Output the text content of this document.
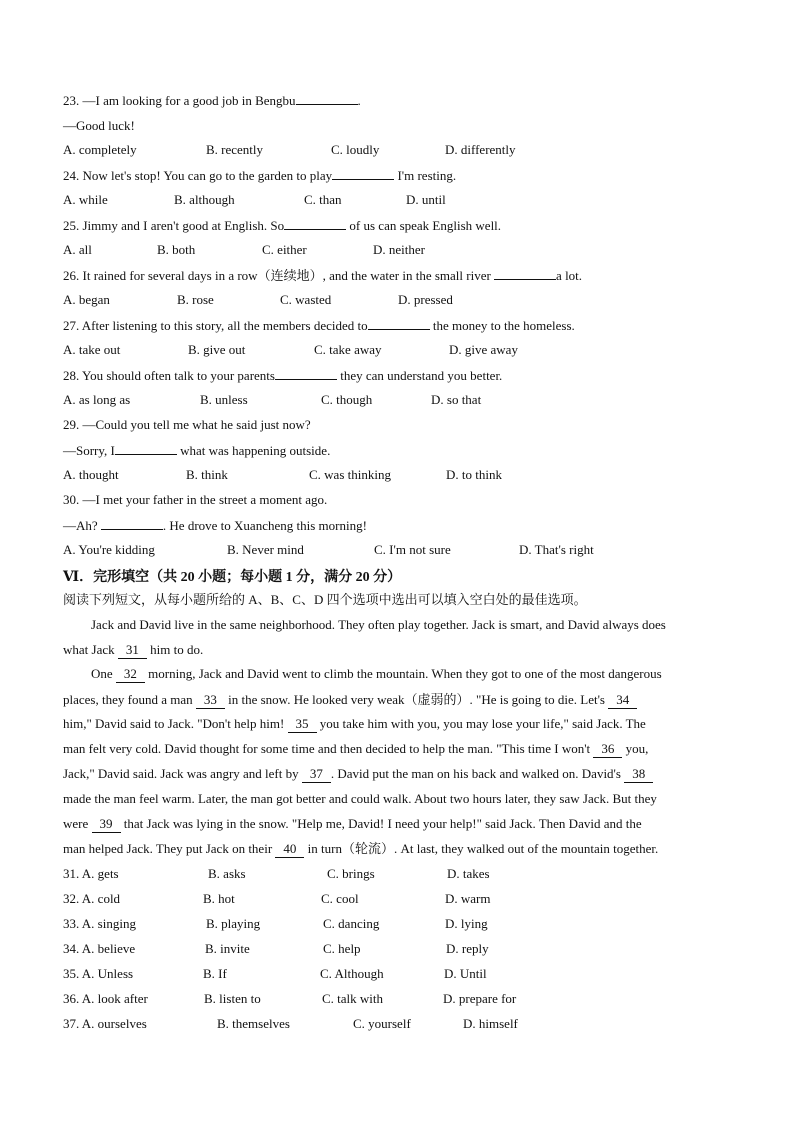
23. —I am looking for a good job in Bengbu	.
—Good luck!
A. completely	B. recently	C. loudly	D. differently
24. Now let's stop! You can go to the garden to play	I'm resting.
A. while	B. although	C. than	D. until
25. Jimmy and I aren't good at English. So	of us can speak English well.
A. all	B. both	C. either	D. neither
26. It rained for several days in a row（连续地）, and the water in the small river	a lot.
A. began	B. rose	C. wasted	D. pressed
27. After listening to this story, all the members decided to	the money to the homeless.
A. take out	B. give out	C. take away	D. give away
28. You should often talk to your parents	they can understand you better.
A. as long as	B. unless	C. though	D. so that
29. —Could you tell me what he said just now?
—Sorry, I	what was happening outside.
A. thought	B. think	C. was thinking	D. to think
30. —I met your father in the street a moment ago.
—Ah?	. He drove to Xuancheng this morning!
A. You're kidding	B. Never mind	C. I'm not sure	D. That's right
Ⅵ．完形填空（共 20 小题；每小题 1 分，满分 20 分）
阅读下列短文，从每小题所给的 A、B、C、D 四个选项中选出可以填入空白处的最佳选项。
Jack and David live in the same neighborhood. They often play together. Jack is smart, and David always does
what Jack 31 him to do.
One 32 morning, Jack and David went to climb the mountain. When they got to one of the most dangerous
places, they found a man 33 in the snow. He looked very weak（虚弱的）. "He is going to die. Let's 34
him," David said to Jack. "Don't help him! 35 you take him with you, you may lose your life," said Jack. The
man felt very cold. David thought for some time and then decided to help the man. "This time I won't 36 you,
Jack," David said. Jack was angry and left by 37 . David put the man on his back and walked on. David's 38
made the man feel warm. Later, the man got better and could walk. About two hours later, they saw Jack. But they
were 39 that Jack was lying in the snow. "Help me, David! I need your help!" said Jack. Then David and the
man helped Jack. They put Jack on their 40 in turn（轮流）. At last, they walked out of the mountain together.
31. A. gets	B. asks	C. brings	D. takes
32. A. cold	B. hot	C. cool	D. warm
33. A. singing	B. playing	C. dancing	D. lying
34. A. believe	B. invite	C. help	D. reply
35. A. Unless	B. If	C. Although	D. Until
36. A. look after	B. listen to	C. talk with	D. prepare for
37. A. ourselves	B. themselves	C. yourself	D. himself
